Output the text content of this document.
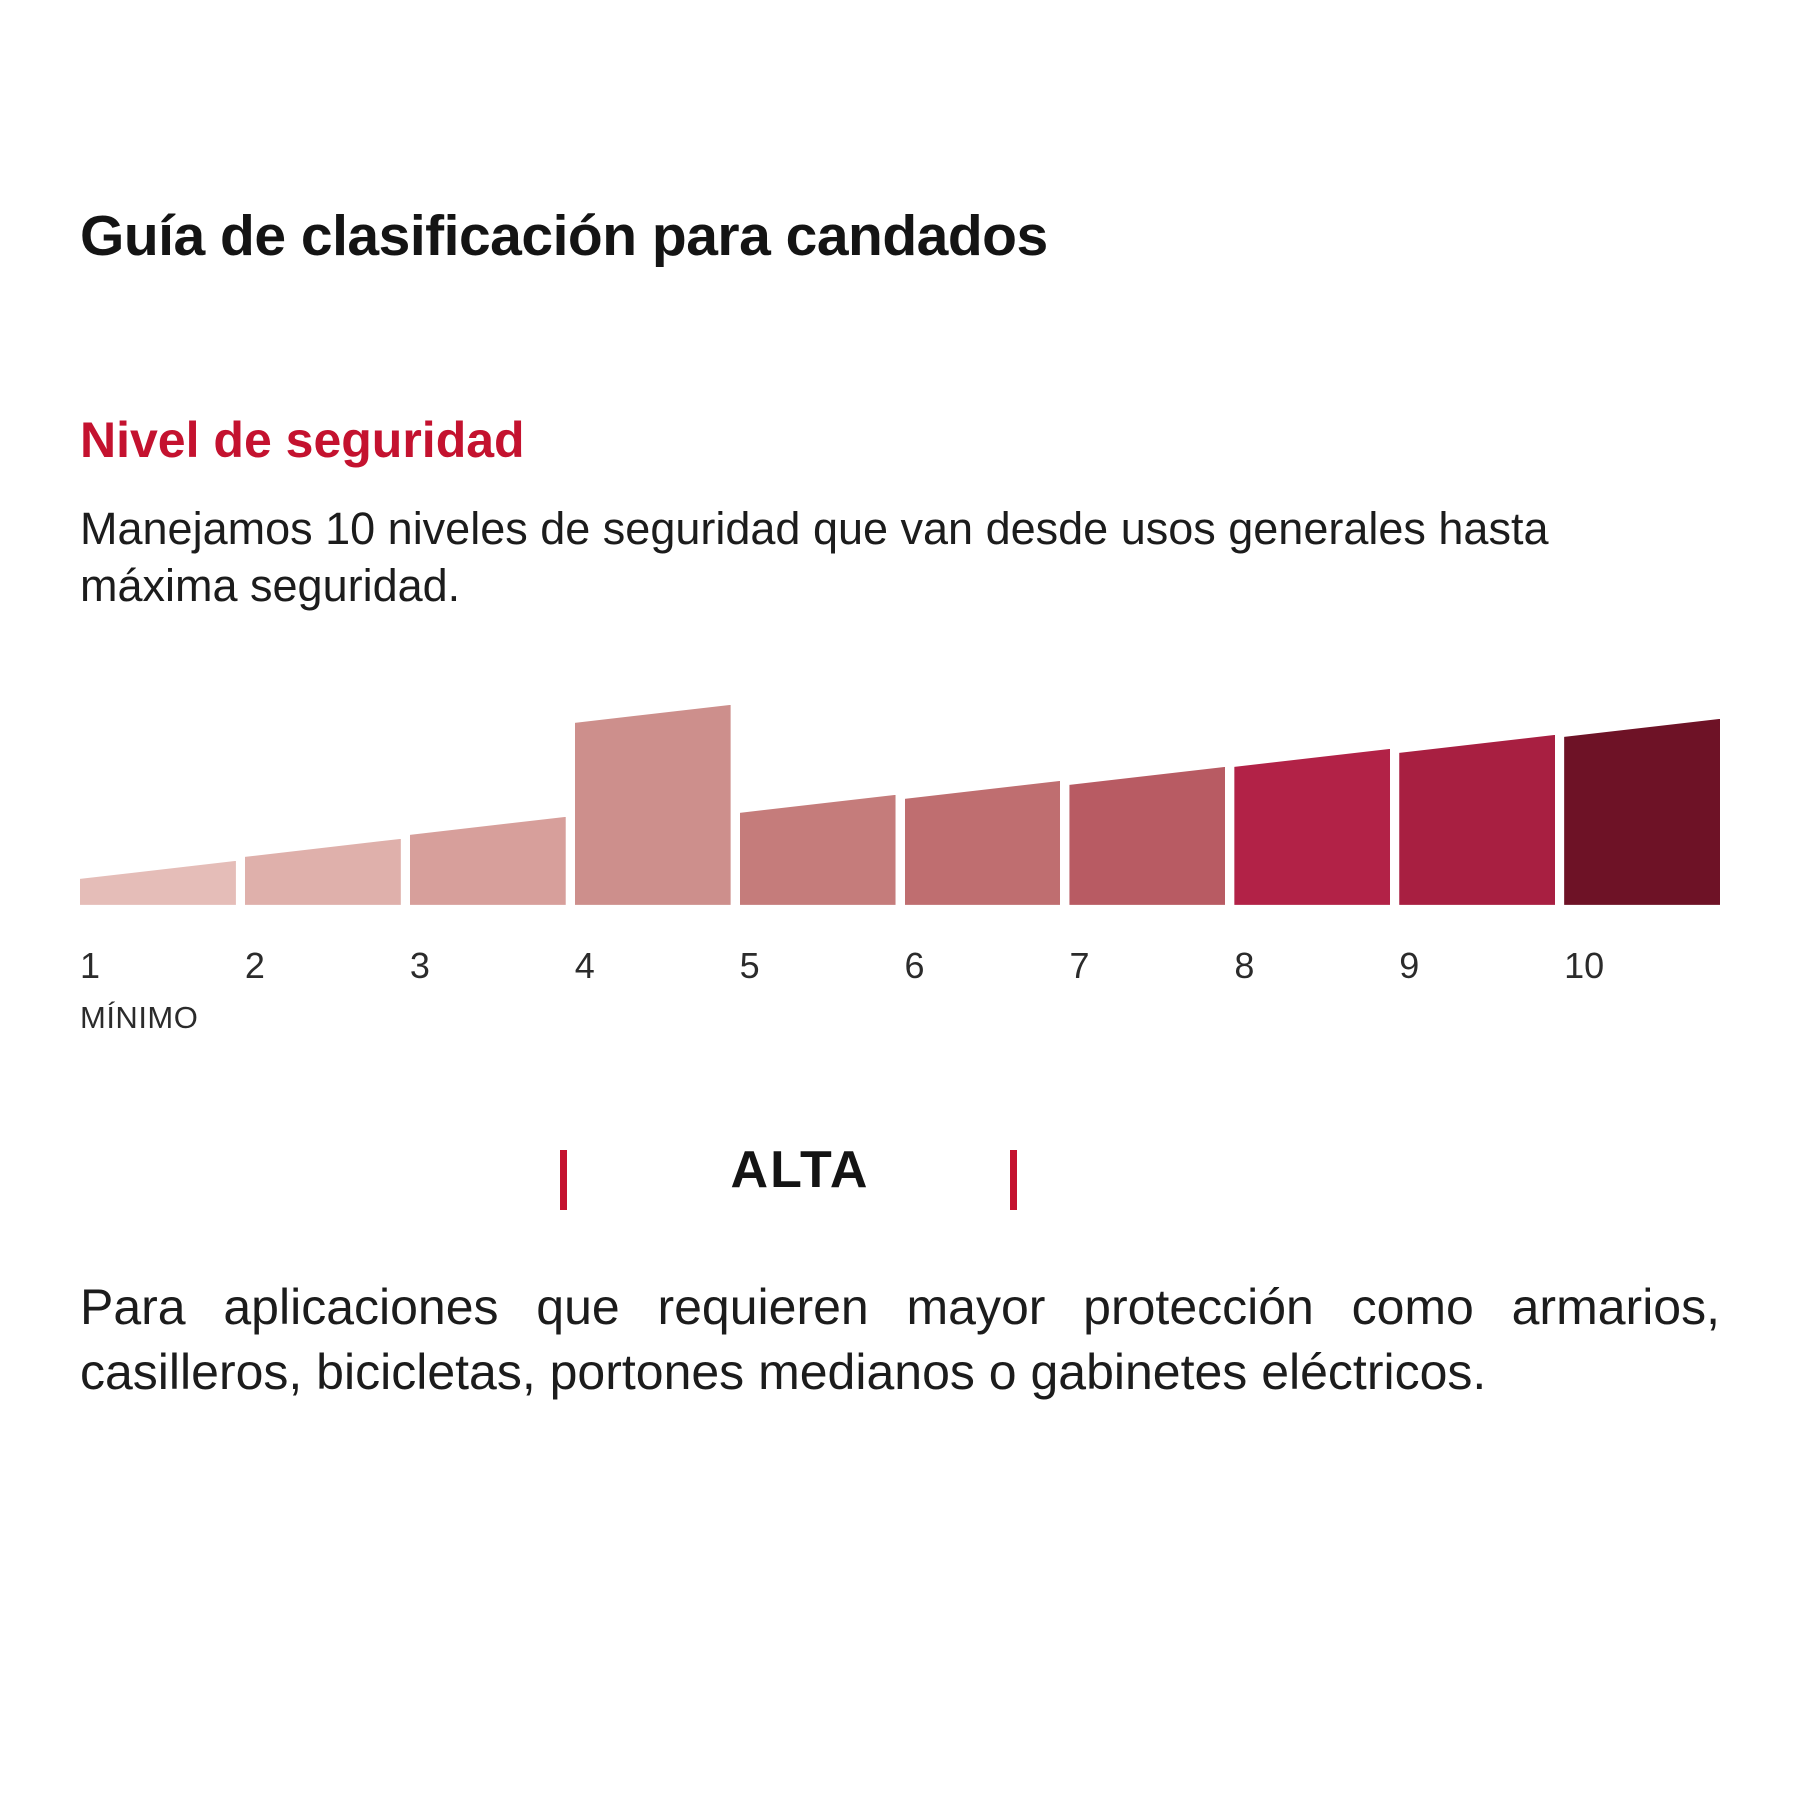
Guía de clasificación para candados
Nivel de seguridad

Manejamos 10 niveles de seguridad que van desde usos generales hasta máxima seguridad.

1
MÍNIMO
2	3	4	5	6	7	8	9	10
ALTA

Para aplicaciones que requieren mayor protección como armarios, casilleros, bicicletas, portones medianos o gabinetes eléctricos.
